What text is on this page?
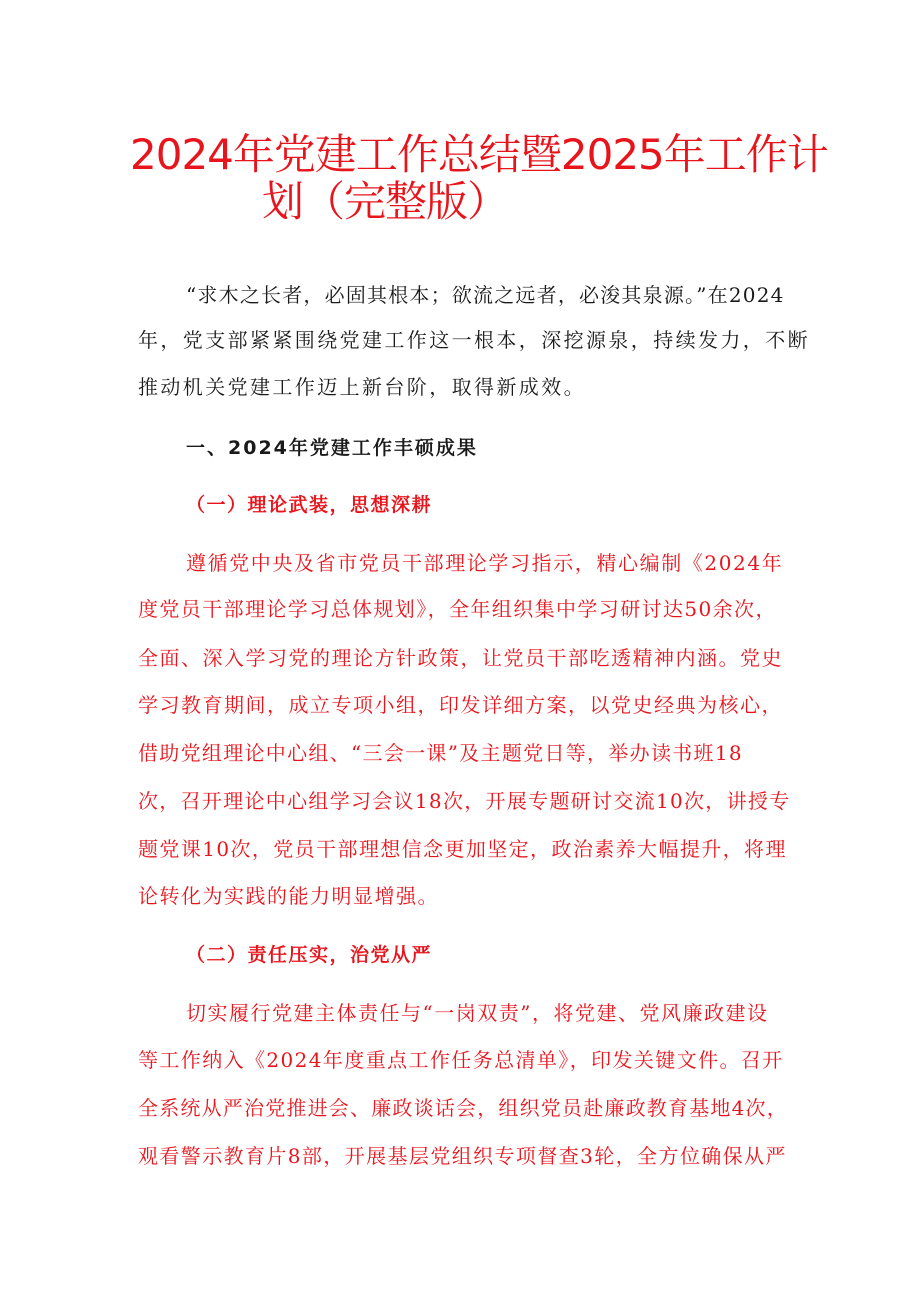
2024年党建工作总结暨2025年工作计
划（完整版）
“求木之长者，必固其根本；欲流之远者，必浚其泉源。”在2024
年，党支部紧紧围绕党建工作这一根本，深挖源泉，持续发力，不断
推动机关党建工作迈上新台阶，取得新成效。
一、2024年党建工作丰硕成果
（一）理论武装，思想深耕
遵循党中央及省市党员干部理论学习指示，精心编制《2024年
度党员干部理论学习总体规划》，全年组织集中学习研讨达50余次，
全面、深入学习党的理论方针政策，让党员干部吃透精神内涵。党史
学习教育期间，成立专项小组，印发详细方案，以党史经典为核心，
借助党组理论中心组、“三会一课”及主题党日等，举办读书班18
次，召开理论中心组学习会议18次，开展专题研讨交流10次，讲授专
题党课10次，党员干部理想信念更加坚定，政治素养大幅提升，将理
论转化为实践的能力明显增强。
（二）责任压实，治党从严
切实履行党建主体责任与“一岗双责”，将党建、党风廉政建设
等工作纳入《2024年度重点工作任务总清单》，印发关键文件。召开
全系统从严治党推进会、廉政谈话会，组织党员赴廉政教育基地4次，
观看警示教育片8部，开展基层党组织专项督查3轮，全方位确保从严
